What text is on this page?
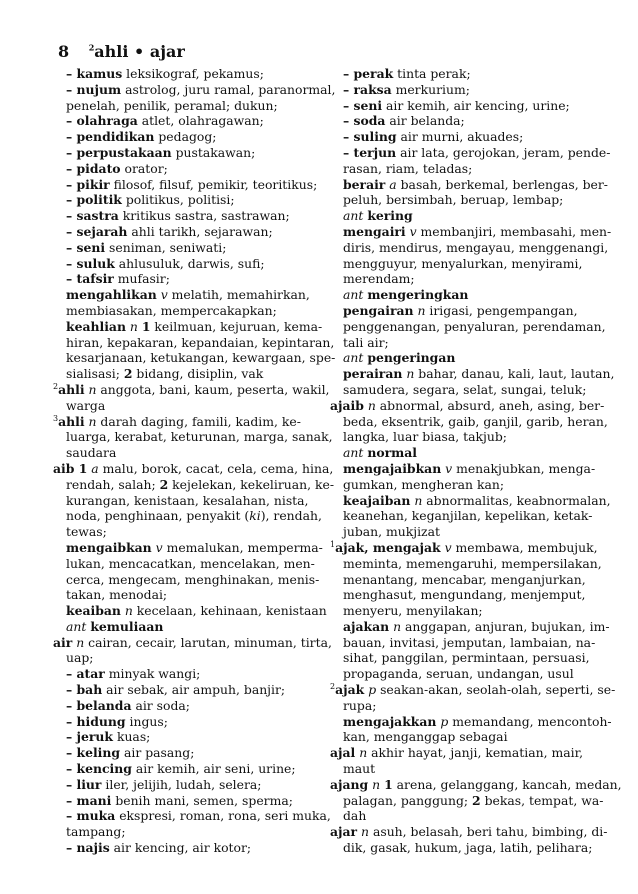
8 $^2$ahli • ajar
– kamus leksikograf, pekamus;
– nujum astrolog, juru ramal, paranormal,
penelah, penilik, peramal; dukun;
– olahraga atlet, olahragawan;
– pendidikan pedagog;
– perpustakaan pustakawan;
– pidato orator;
– pikir filosof, filsuf, pemikir, teoritikus;
– politik politikus, politisi;
– sastra kritikus sastra, sastrawan;
– sejarah ahli tarikh, sejarawan;
– seni seniman, seniwati;
– suluk ahlusuluk, darwis, sufi;
– tafsir mufasir;
mengahlikan v melatih, memahirkan,
membiasakan, mempercakapkan;
keahlian n 1 keilmuan, kejuruan, kema-
hiran, kepakaran, kepandaian, kepintaran,
kesarjanaan, ketukangan, kewargaan, spe-
sialisasi; 2 bidang, disiplin, vak
$^2$ahli n anggota, bani, kaum, peserta, wakil,
warga
$^3$ahli n darah daging, famili, kadim, ke-
luarga, kerabat, keturunan, marga, sanak,
saudara
aib 1 a malu, borok, cacat, cela, cema, hina,
rendah, salah; 2 kejelekan, kekeliruan, ke-
kurangan, kenistaan, kesalahan, nista,
noda, penghinaan, penyakit (ki), rendah,
tewas;
mengaibkan v memalukan, mempermа-
lukan, mencacatkan, mencelakan, men-
cerca, mengecam, menghinakan, menis-
takan, menodai;
keaiban n kecelaan, kehinaan, kenistaan
ant kemuliaan
air n cairan, cecair, larutan, minuman, tirta,
uap;
– atar minyak wangi;
– bah air sebak, air ampuh, banjir;
– belanda air soda;
– hidung ingus;
– jeruk kuas;
– keling air pasang;
– kencing air kemih, air seni, urine;
– liur iler, jelijih, ludah, selera;
– mani benih mani, semen, sperma;
– muka ekspresi, roman, rona, seri muka,
tampang;
– najis air kencing, air kotor;
– perak tinta perak;
– raksa merkurium;
– seni air kemih, air kencing, urine;
– soda air belanda;
– suling air murni, akuades;
– terjun air lata, gerojokan, jeram, pende-
rasan, riam, teladas;
berair a basah, berkemal, berlengas, ber-
peluh, bersimbah, beruap, lembap;
ant kering
mengairi v membanjiri, membasahi, men-
diris, mendirus, mengayau, menggenangi,
mengguyur, menyalurkan, menyirami,
merendam;
ant mengeringkan
pengairan n irigasi, pengempangan,
penggenangan, penyaluran, perendaman,
tali air;
ant pengeringan
perairan n bahar, danau, kali, laut, lautan,
samudera, segara, selat, sungai, teluk;
ajaib n abnormal, absurd, aneh, asing, ber-
beda, eksentrik, gaib, ganjil, garib, heran,
langka, luar biasa, takjub;
ant normal
mengajaibkan v menakjubkan, menga-
gumkan, mengheran kan;
keajaiban n abnormalitas, keabnormalan,
keanehan, keganjilan, kepelikan, ketak-
juban, mukjizat
$^1$ajak, mengajak v membawa, membujuk,
meminta, memengaruhi, mempersilakan,
menantang, mencabar, menganjurkan,
menghasut, mengundang, menjemput,
menyeru, menyilakan;
ajakan n anggapan, anjuran, bujukan, im-
bauan, invitasi, jemputan, lambaian, na-
sihat, panggilan, permintaan, persuasi,
propaganda, seruan, undangan, usul
$^2$ajak p seakan-akan, seolah-olah, seperti, se-
rupa;
mengajakkan p memandang, mencontoh-
kan, menganggap sebagai
ajal n akhir hayat, janji, kematian, mair,
maut
ajang n 1 arena, gelanggang, kancah, medan,
palagan, panggung; 2 bekas, tempat, wa-
dah
ajar n asuh, belasah, beri tahu, bimbing, di-
dik, gasak, hukum, jaga, latih, pelihara;
